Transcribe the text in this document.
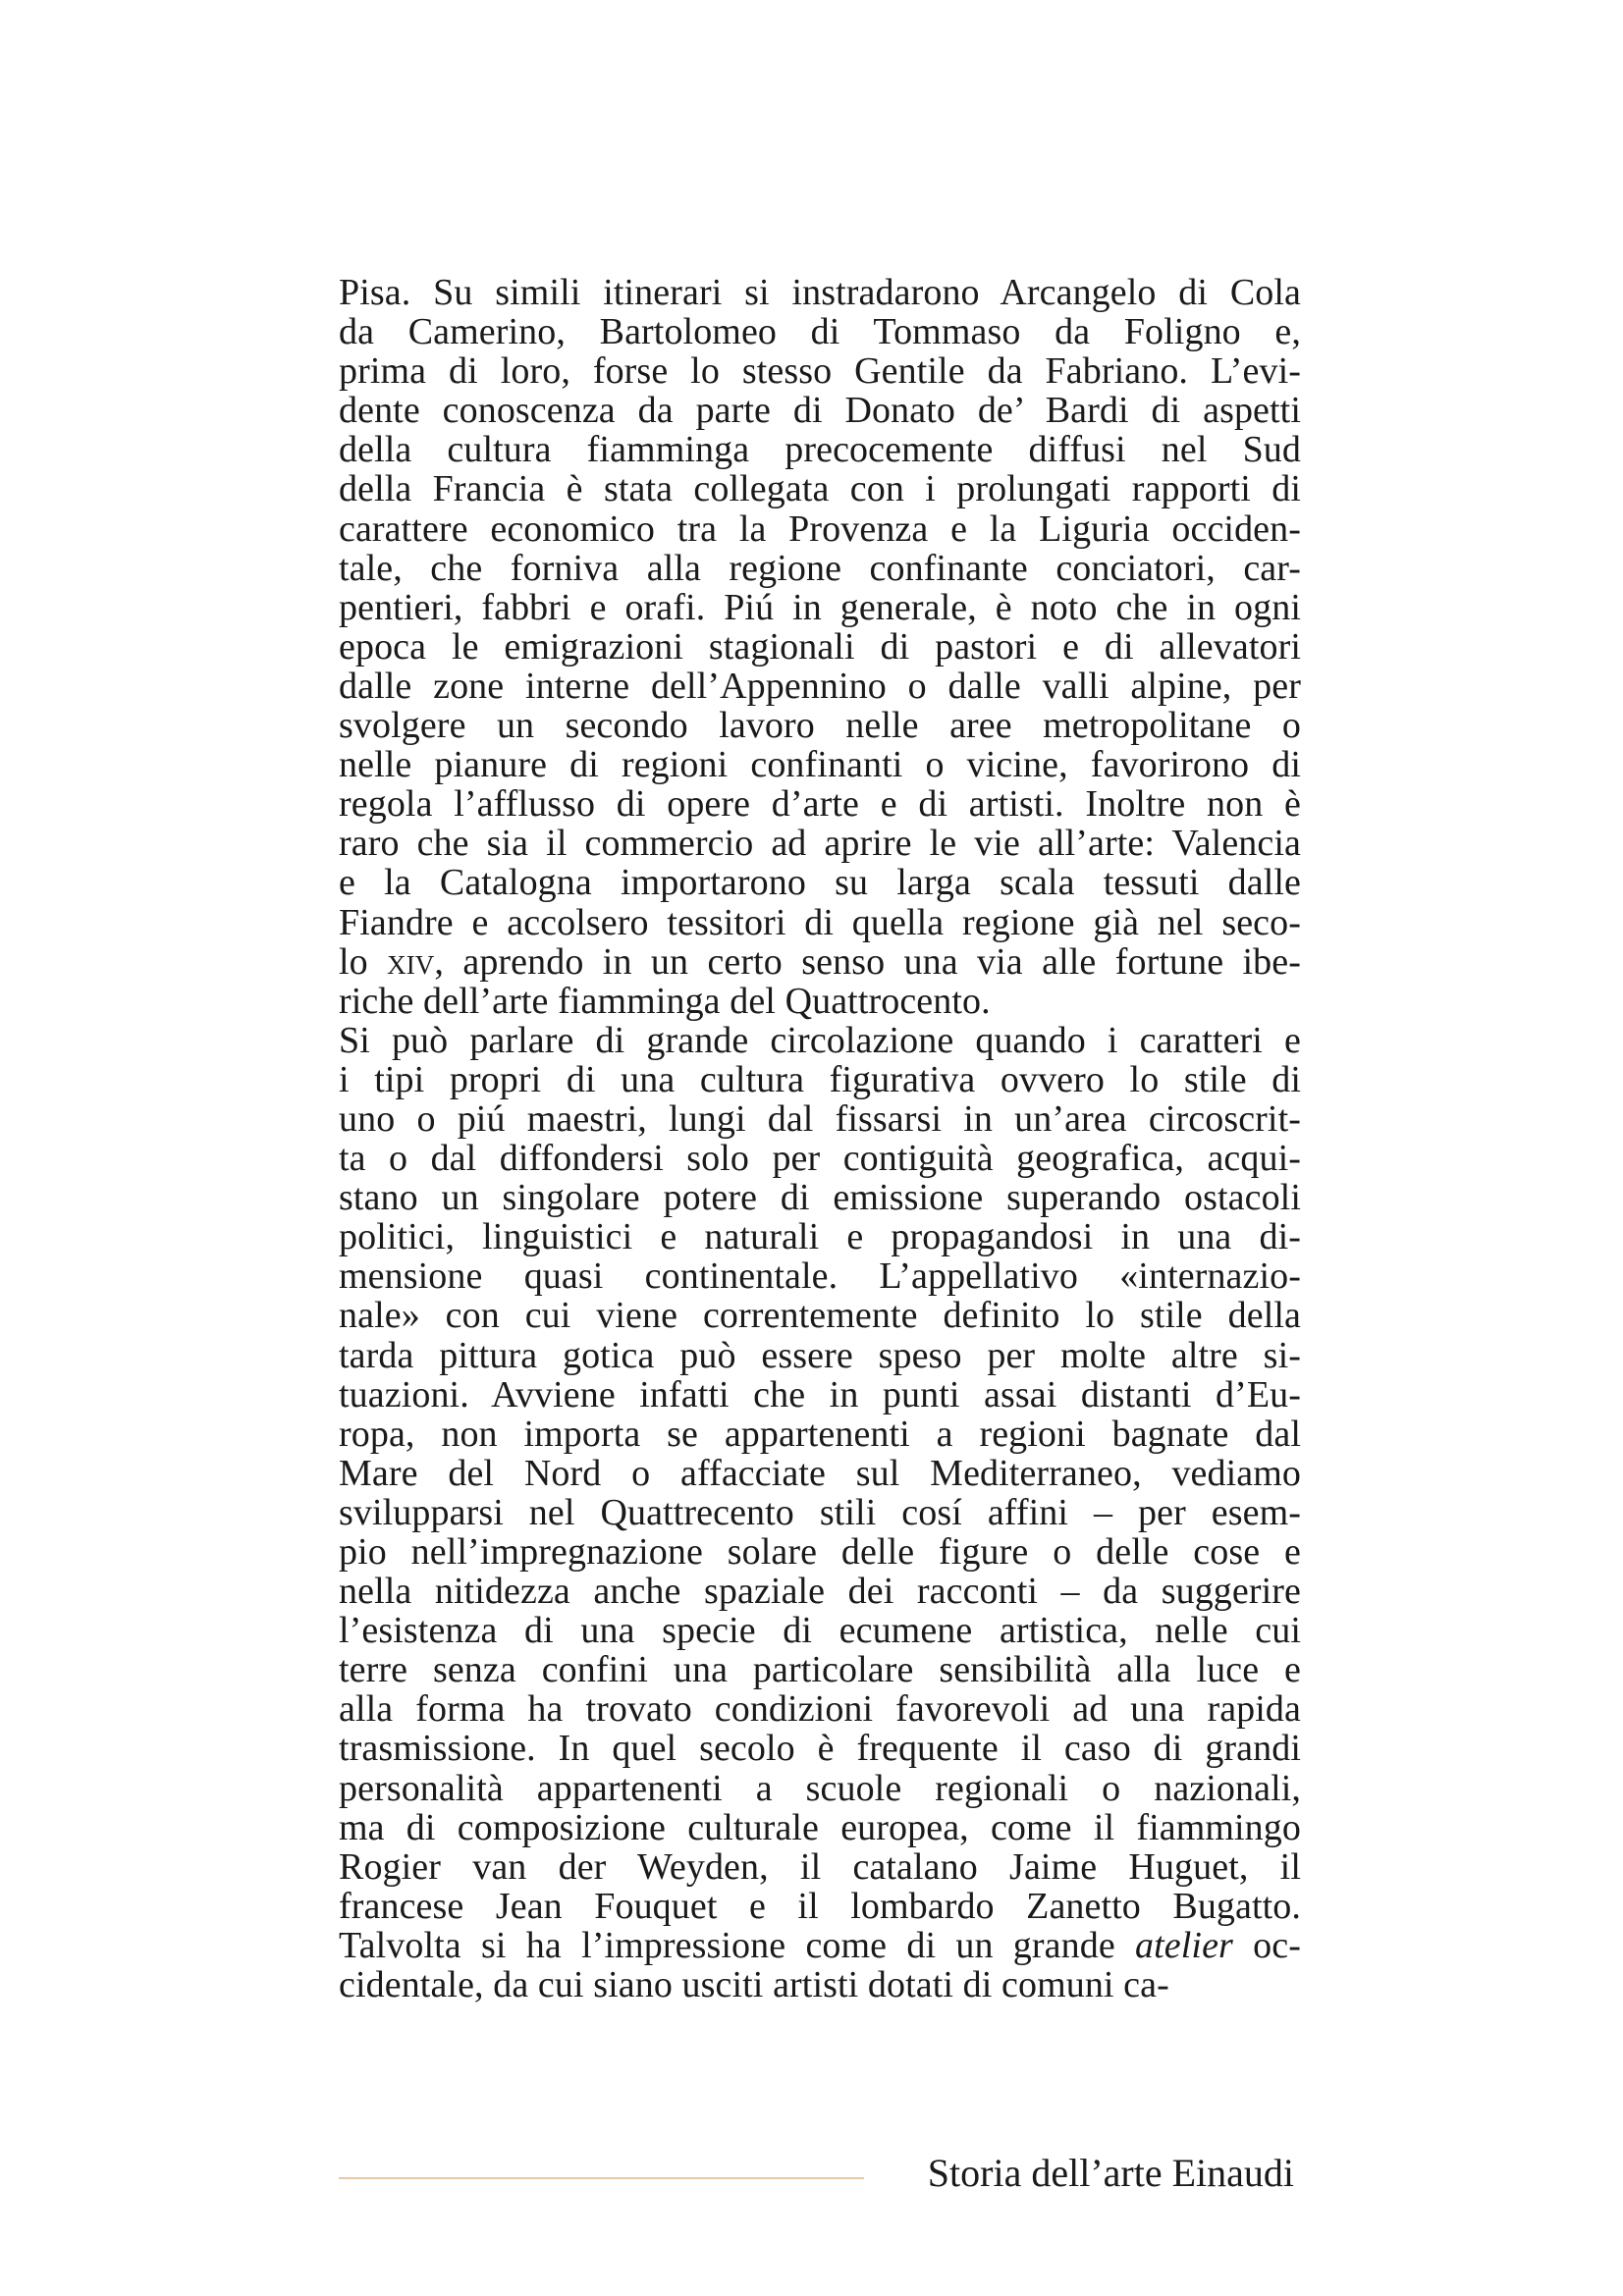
Pisa. Su simili itinerari si instradarono Arcangelo di Cola
da Camerino, Bartolomeo di Tommaso da Foligno e,
prima di loro, forse lo stesso Gentile da Fabriano. L’evi-
dente conoscenza da parte di Donato de’ Bardi di aspetti
della cultura fiamminga precocemente diffusi nel Sud
della Francia è stata collegata con i prolungati rapporti di
carattere economico tra la Provenza e la Liguria occiden-
tale, che forniva alla regione confinante conciatori, car-
pentieri, fabbri e orafi. Piú in generale, è noto che in ogni
epoca le emigrazioni stagionali di pastori e di allevatori
dalle zone interne dell’Appennino o dalle valli alpine, per
svolgere un secondo lavoro nelle aree metropolitane o
nelle pianure di regioni confinanti o vicine, favorirono di
regola l’afflusso di opere d’arte e di artisti. Inoltre non è
raro che sia il commercio ad aprire le vie all’arte: Valencia
e la Catalogna importarono su larga scala tessuti dalle
Fiandre e accolsero tessitori di quella regione già nel seco-
lo xiv, aprendo in un certo senso una via alle fortune ibe-
riche dell’arte fiamminga del Quattrocento.
Si può parlare di grande circolazione quando i caratteri e
i tipi propri di una cultura figurativa ovvero lo stile di
uno o piú maestri, lungi dal fissarsi in un’area circoscrit-
ta o dal diffondersi solo per contiguità geografica, acqui-
stano un singolare potere di emissione superando ostacoli
politici, linguistici e naturali e propagandosi in una di-
mensione quasi continentale. L’appellativo «internazio-
nale» con cui viene correntemente definito lo stile della
tarda pittura gotica può essere speso per molte altre si-
tuazioni. Avviene infatti che in punti assai distanti d’Eu-
ropa, non importa se appartenenti a regioni bagnate dal
Mare del Nord o affacciate sul Mediterraneo, vediamo
svilupparsi nel Quattrecento stili cosí affini – per esem-
pio nell’impregnazione solare delle figure o delle cose e
nella nitidezza anche spaziale dei racconti – da suggerire
l’esistenza di una specie di ecumene artistica, nelle cui
terre senza confini una particolare sensibilità alla luce e
alla forma ha trovato condizioni favorevoli ad una rapida
trasmissione. In quel secolo è frequente il caso di grandi
personalità appartenenti a scuole regionali o nazionali,
ma di composizione culturale europea, come il fiammingo
Rogier van der Weyden, il catalano Jaime Huguet, il
francese Jean Fouquet e il lombardo Zanetto Bugatto.
Talvolta si ha l’impressione come di un grande atelier oc-
cidentale, da cui siano usciti artisti dotati di comuni ca-
Storia dell’arte Einaudi
